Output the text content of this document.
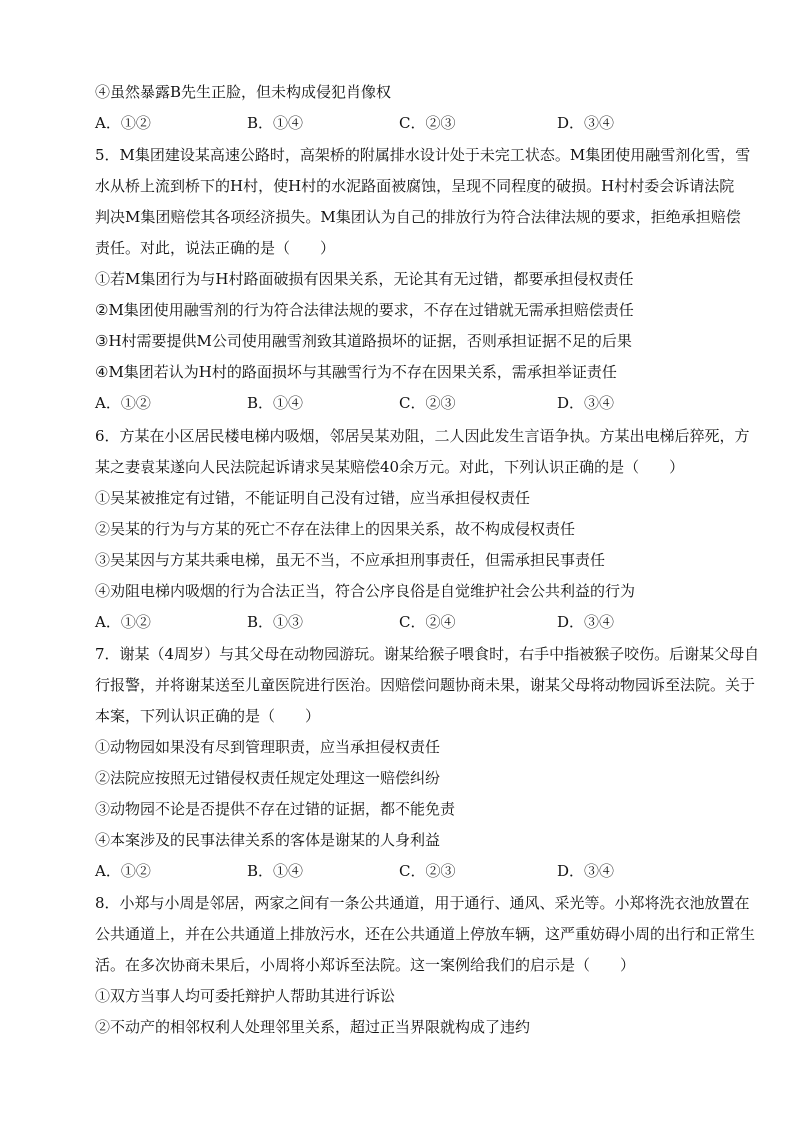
④虽然暴露B先生正脸，但未构成侵犯肖像权
A．①②	B．①④	C．②③	D．③④
5．M集团建设某高速公路时，高架桥的附属排水设计处于未完工状态。M集团使用融雪剂化雪，雪
水从桥上流到桥下的H村，使H村的水泥路面被腐蚀，呈现不同程度的破损。H村村委会诉请法院
判决M集团赔偿其各项经济损失。M集团认为自己的排放行为符合法律法规的要求，拒绝承担赔偿
责任。对此，说法正确的是（　　）
①若M集团行为与H村路面破损有因果关系，无论其有无过错，都要承担侵权责任
②M集团使用融雪剂的行为符合法律法规的要求，不存在过错就无需承担赔偿责任
③H村需要提供M公司使用融雪剂致其道路损坏的证据，否则承担证据不足的后果
④M集团若认为H村的路面损坏与其融雪行为不存在因果关系，需承担举证责任
A．①②	B．①④	C．②③	D．③④
6．方某在小区居民楼电梯内吸烟，邻居吴某劝阻，二人因此发生言语争执。方某出电梯后猝死，方
某之妻袁某遂向人民法院起诉请求吴某赔偿40余万元。对此，下列认识正确的是（　　）
①吴某被推定有过错，不能证明自己没有过错，应当承担侵权责任
②吴某的行为与方某的死亡不存在法律上的因果关系，故不构成侵权责任
③吴某因与方某共乘电梯，虽无不当，不应承担刑事责任，但需承担民事责任
④劝阻电梯内吸烟的行为合法正当，符合公序良俗是自觉维护社会公共利益的行为
A．①②	B．①③	C．②④	D．③④
7．谢某（4周岁）与其父母在动物园游玩。谢某给猴子喂食时，右手中指被猴子咬伤。后谢某父母自
行报警，并将谢某送至儿童医院进行医治。因赔偿问题协商未果，谢某父母将动物园诉至法院。关于
本案，下列认识正确的是（　　）
①动物园如果没有尽到管理职责，应当承担侵权责任
②法院应按照无过错侵权责任规定处理这一赔偿纠纷
③动物园不论是否提供不存在过错的证据，都不能免责
④本案涉及的民事法律关系的客体是谢某的人身利益
A．①②	B．①④	C．②③	D．③④
8．小郑与小周是邻居，两家之间有一条公共通道，用于通行、通风、采光等。小郑将洗衣池放置在
公共通道上，并在公共通道上排放污水，还在公共通道上停放车辆，这严重妨碍小周的出行和正常生
活。在多次协商未果后，小周将小郑诉至法院。这一案例给我们的启示是（　　）
①双方当事人均可委托辩护人帮助其进行诉讼
②不动产的相邻权利人处理邻里关系，超过正当界限就构成了违约
